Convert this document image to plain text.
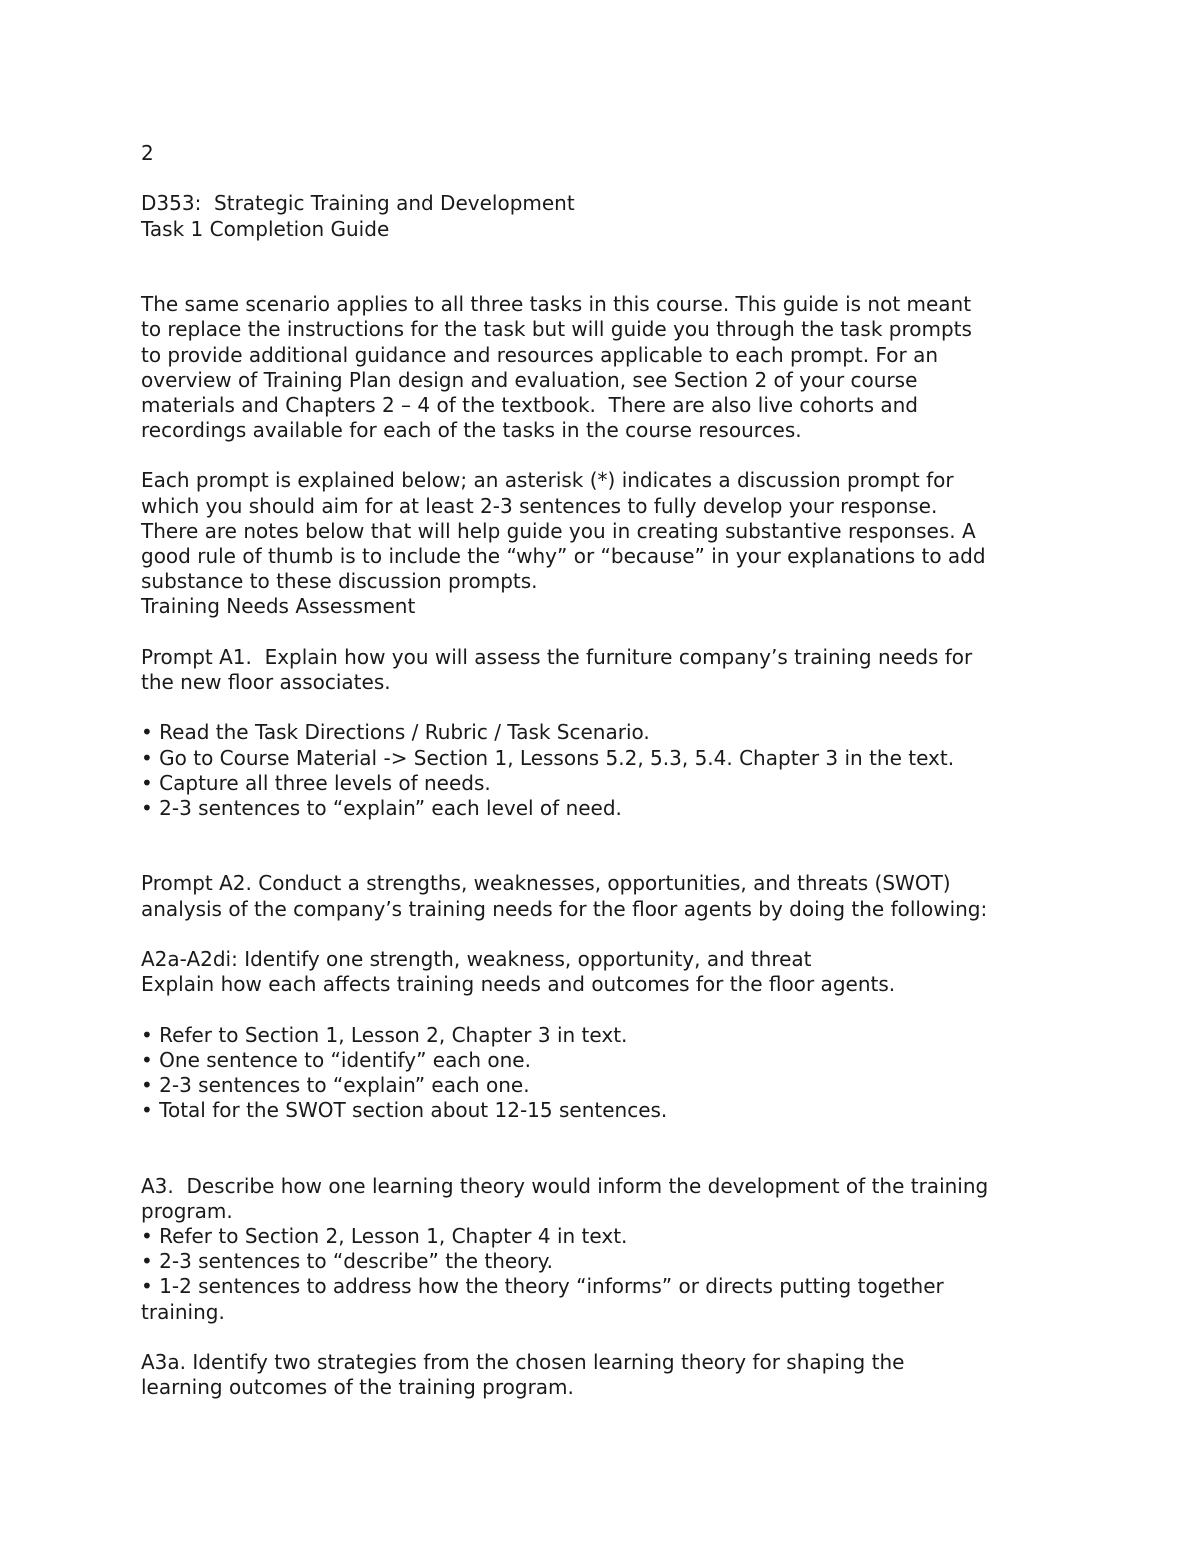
2
D353:  Strategic Training and Development
Task 1 Completion Guide
The same scenario applies to all three tasks in this course. This guide is not meant
to replace the instructions for the task but will guide you through the task prompts
to provide additional guidance and resources applicable to each prompt. For an
overview of Training Plan design and evaluation, see Section 2 of your course
materials and Chapters 2 – 4 of the textbook.  There are also live cohorts and
recordings available for each of the tasks in the course resources.
Each prompt is explained below; an asterisk (*) indicates a discussion prompt for
which you should aim for at least 2-3 sentences to fully develop your response.
There are notes below that will help guide you in creating substantive responses. A
good rule of thumb is to include the “why” or “because” in your explanations to add
substance to these discussion prompts.
Training Needs Assessment
Prompt A1.  Explain how you will assess the furniture company’s training needs for
the new floor associates.
• Read the Task Directions / Rubric / Task Scenario.
• Go to Course Material -> Section 1, Lessons 5.2, 5.3, 5.4. Chapter 3 in the text.
• Capture all three levels of needs.
• 2-3 sentences to “explain” each level of need.
Prompt A2. Conduct a strengths, weaknesses, opportunities, and threats (SWOT)
analysis of the company’s training needs for the floor agents by doing the following:
A2a-A2di: Identify one strength, weakness, opportunity, and threat
Explain how each affects training needs and outcomes for the floor agents.
• Refer to Section 1, Lesson 2, Chapter 3 in text.
• One sentence to “identify” each one.
• 2-3 sentences to “explain” each one.
• Total for the SWOT section about 12-15 sentences.
A3.  Describe how one learning theory would inform the development of the training
program.
• Refer to Section 2, Lesson 1, Chapter 4 in text.
• 2-3 sentences to “describe” the theory.
• 1-2 sentences to address how the theory “informs” or directs putting together
training.
A3a. Identify two strategies from the chosen learning theory for shaping the
learning outcomes of the training program.
